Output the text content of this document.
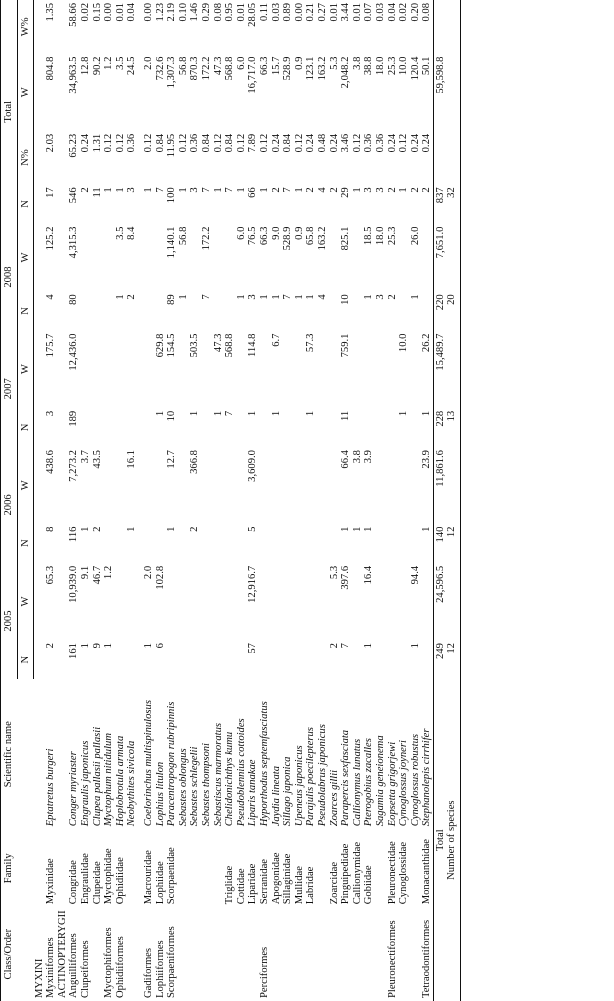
Class/Order	Family	Scientific name	2005		2006		2007		2008		Total			
			N	W	N	W	N	W	N	W	N	N%	W	W%
MYXINI														
Myxiniformes	Myxinidae	Eptatretus burgeri	2	65.3	8	438.6	3	175.7	4	125.2	17	2.03	804.8	1.35
ACTINOPTERYGII														
Anguilliformes	Congridae	Conger myriaster	161	10,939.0	116	7,273.2	189	12,436.0	80	4,315.3	546	65.23	34,963.5	58.66
Clupeiformes	Engraulidae	Engraulis japonicus	1	9.1	1	3.7					2	0.24	12.8	0.02
	Clupeidae	Clupea pallasii pallasii	9	46.7	2	43.5					11	1.31	90.2	0.15
Myctophiformes	Myctophidae	Myctophum nitidulum	1	1.2							1	0.12	1.2	0.00
Ophidiiformes	Ophidiidae	Hoplobrotula armata							1	3.5	1	0.12	3.5	0.01
		Neobythites sivicola			1	16.1			2	8.4	3	0.36	24.5	0.04
Gadiformes	Macrouridae	Coelorinchus multispinulosus	1	2.0							1	0.12	2.0	0.00
Lophiiformes	Lophiidae	Lophius litulon	6	102.8			1	629.8			7	0.84	732.6	1.23
Scorpaeniformes	Scorpaenidae	Paracentropogon rubripinnis			1	12.7	10	154.5	89	1,140.1	100	11.95	1,307.3	2.19
		Sebastes oblongus							1	56.8	1	0.12	56.8	0.10
		Sebastes schlegelii			2	366.8	1	503.5			3	0.36	870.3	1.46
		Sebastes thompsoni							7	172.2	7	0.84	172.2	0.29
		Sebastiscus marmoratus					1	47.3			1	0.12	47.3	0.08
	Triglidae	Chelidonichthys kumu					7	568.8			7	0.84	568.8	0.95
	Cottidae	Pseudoblennius cottoides							1	6.0	1	0.12	6.0	0.01
	Liparidae	Liparis tanakae	57	12,916.7	5	3,609.0	1	114.8	3	76.5	66	7.89	16,717.0	28.05
Perciformes	Serranidae	Hyporthodus septemfasciatus							1	66.3	1	0.12	66.3	0.11
	Apogonidae	Jaydia lineata					1	6.7	1	9.0	2	0.24	15.7	0.03
	Sillaginidae	Sillago japonica							7	528.9	7	0.84	528.9	0.89
	Mullidae	Upeneus japonicus							1	0.9	1	0.12	0.9	0.00
	Labridae	Parajulis poecilepterus					1	57.3	1	65.8	2	0.24	123.1	0.21
		Pseudolabrus japonicus							4	163.2	4	0.48	163.2	0.27
	Zoarcidae	Zoarces gillii	2	5.3							2	0.24	5.3	0.01
	Pinguipedidae	Parapercis sexfasciata	7	397.6	1	66.4	11	759.1	10	825.1	29	3.46	2,048.2	3.44
	Callionymidae	Callionymus lunatus			1	3.8					1	0.12	3.8	0.01
	Gobiidae	Pterogobius zacalles	1	16.4	1	3.9			1	18.5	3	0.36	38.8	0.07
		Sagamia geneionema							3	18.0	3	0.36	18.0	0.03
Pleuronectiformes	Pleuronectidae	Eopsetta grigorjewi							2	25.3	2	0.24	25.3	0.04
	Cynoglossidae	Cynoglossus joyneri					1	10.0			1	0.12	10.0	0.02
		Cynoglossus robustus	1	94.4					1	26.0	2	0.24	120.4	0.20
Tetraodontiformes	Monacanthidae	Stephanolepis cirrhifer			1	23.9	1	26.2			2	0.24	50.1	0.08
Total			249	24,596.5	140	11,861.6	228	15,489.7	220	7,651.0	837		59,598.8	
Number of species			12		12		13		20		32			
